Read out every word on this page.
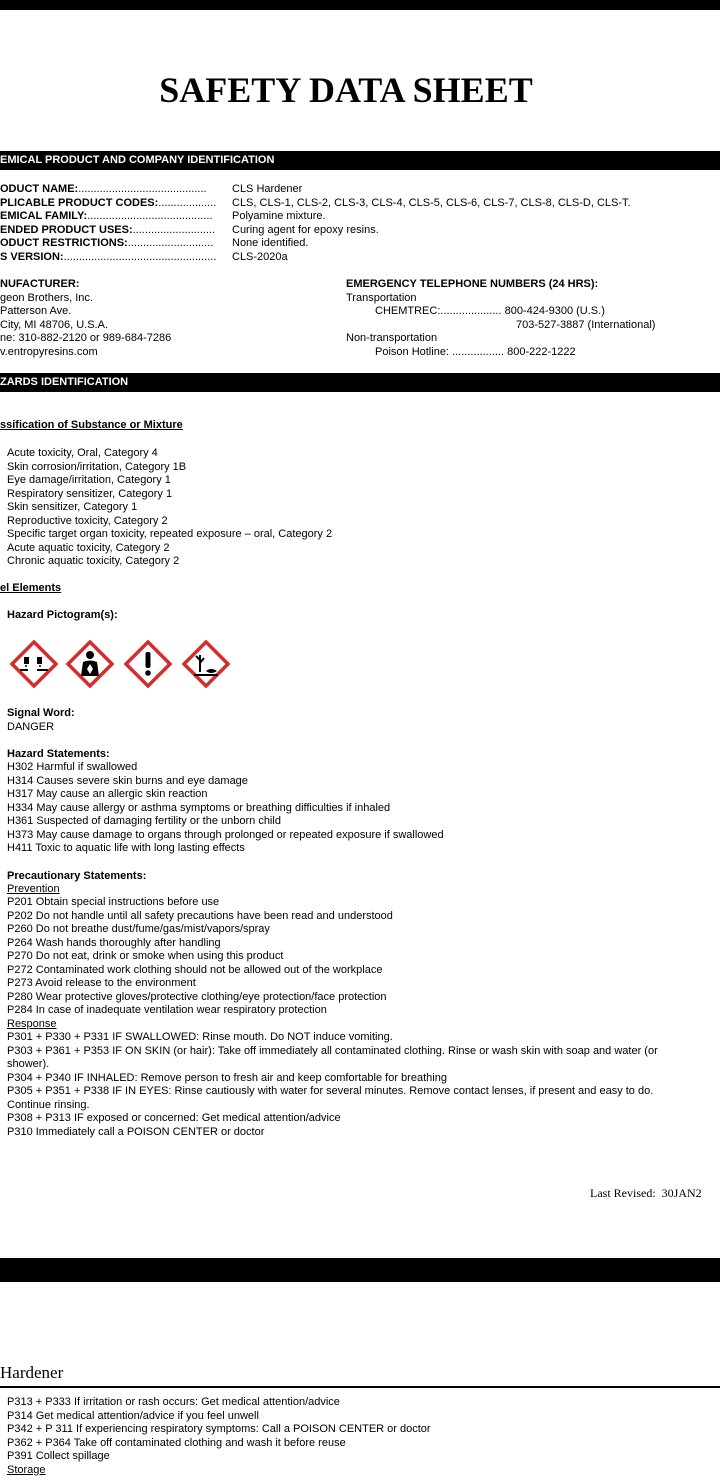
SAFETY DATA SHEET
EMICAL PRODUCT AND COMPANY IDENTIFICATION
ODUCT NAME:.......................................... CLS Hardener
PLICABLE PRODUCT CODES:................... CLS, CLS-1, CLS-2, CLS-3, CLS-4, CLS-5, CLS-6, CLS-7, CLS-8, CLS-D, CLS-T.
EMICAL FAMILY:......................................... Polyamine mixture.
ENDED PRODUCT USES:........................... Curing agent for epoxy resins.
ODUCT RESTRICTIONS:............................ None identified.
S VERSION:.................................................. CLS-2020a
NUFACTURER:
geon Brothers, Inc.
Patterson Ave.
City, MI 48706, U.S.A.
ne: 310-882-2120 or 989-684-7286
v.entropyresins.com
EMERGENCY TELEPHONE NUMBERS (24 HRS):
Transportation
CHEMTREC:.................... 800-424-9300 (U.S.)
703-527-3887 (International)
Non-transportation
Poison Hotline: ................. 800-222-1222
ZARDS IDENTIFICATION
ssification of Substance or Mixture
Acute toxicity, Oral, Category 4
Skin corrosion/irritation, Category 1B
Eye damage/irritation, Category 1
Respiratory sensitizer, Category 1
Skin sensitizer, Category 1
Reproductive toxicity, Category 2
Specific target organ toxicity, repeated exposure – oral, Category 2
Acute aquatic toxicity, Category 2
Chronic aquatic toxicity, Category 2
el Elements
Hazard Pictogram(s):
Signal Word:
DANGER
Hazard Statements:
H302 Harmful if swallowed
H314 Causes severe skin burns and eye damage
H317 May cause an allergic skin reaction
H334 May cause allergy or asthma symptoms or breathing difficulties if inhaled
H361 Suspected of damaging fertility or the unborn child
H373 May cause damage to organs through prolonged or repeated exposure if swallowed
H411 Toxic to aquatic life with long lasting effects
Precautionary Statements:
Prevention
P201 Obtain special instructions before use
P202 Do not handle until all safety precautions have been read and understood
P260 Do not breathe dust/fume/gas/mist/vapors/spray
P264 Wash hands thoroughly after handling
P270 Do not eat, drink or smoke when using this product
P272 Contaminated work clothing should not be allowed out of the workplace
P273 Avoid release to the environment
P280 Wear protective gloves/protective clothing/eye protection/face protection
P284 In case of inadequate ventilation wear respiratory protection
Response
P301 + P330 + P331 IF SWALLOWED: Rinse mouth. Do NOT induce vomiting.
P303 + P361 + P353 IF ON SKIN (or hair): Take off immediately all contaminated clothing. Rinse or wash skin with soap and water (or
shower).
P304 + P340 IF INHALED: Remove person to fresh air and keep comfortable for breathing
P305 + P351 + P338 IF IN EYES: Rinse cautiously with water for several minutes. Remove contact lenses, if present and easy to do.
Continue rinsing.
P308 + P313 IF exposed or concerned: Get medical attention/advice
P310 Immediately call a POISON CENTER or doctor
Last Revised: 30JAN2
Hardener
P313 + P333 If irritation or rash occurs: Get medical attention/advice
P314 Get medical attention/advice if you feel unwell
P342 + P 311 If experiencing respiratory symptoms: Call a POISON CENTER or doctor
P362 + P364 Take off contaminated clothing and wash it before reuse
P391 Collect spillage
Storage
